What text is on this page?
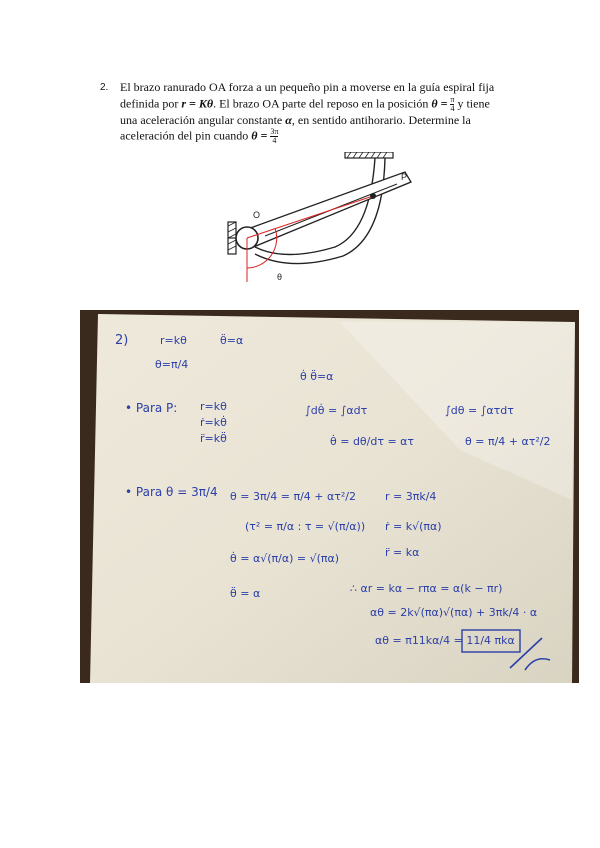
2. El brazo ranurado OA forza a un pequeño pin a moverse en la guía espiral fija
definida por r = Kθ. El brazo OA parte del reposo en la posición $\theta = \frac{\pi}{4}$ y tiene
una aceleración angular constante α, en sentido antihorario. Determine la
aceleración del pin cuando $\theta = \frac{3\pi}{4}$
O
P
θ
2)	r=kθ	θ̈=α
θ=π/4
θ̇ θ̈=α
• Para P: r=kθ
ṙ=kθ̇
r̈=kθ̈
∫dθ̇ = ∫αdτ	∫dθ = ∫ατdτ
θ̇ = dθ/dτ = ατ	θ = π/4 + ατ²/2
• Para θ = 3π/4 θ = 3π/4 = π/4 + ατ²/2	r = 3πk/4
(τ² = π/α : τ = √(π/α)) ṙ = k√(πα)
θ̇ = α√(π/α) = √(πα)	r̈ = kα
θ̈ = α	∴ αr = kα − rπα = α(k − πr)
αθ = 2k√(πα)√(πα) + 3πk/4 · α
αθ = π11kα/4 = 11/4 πkα
